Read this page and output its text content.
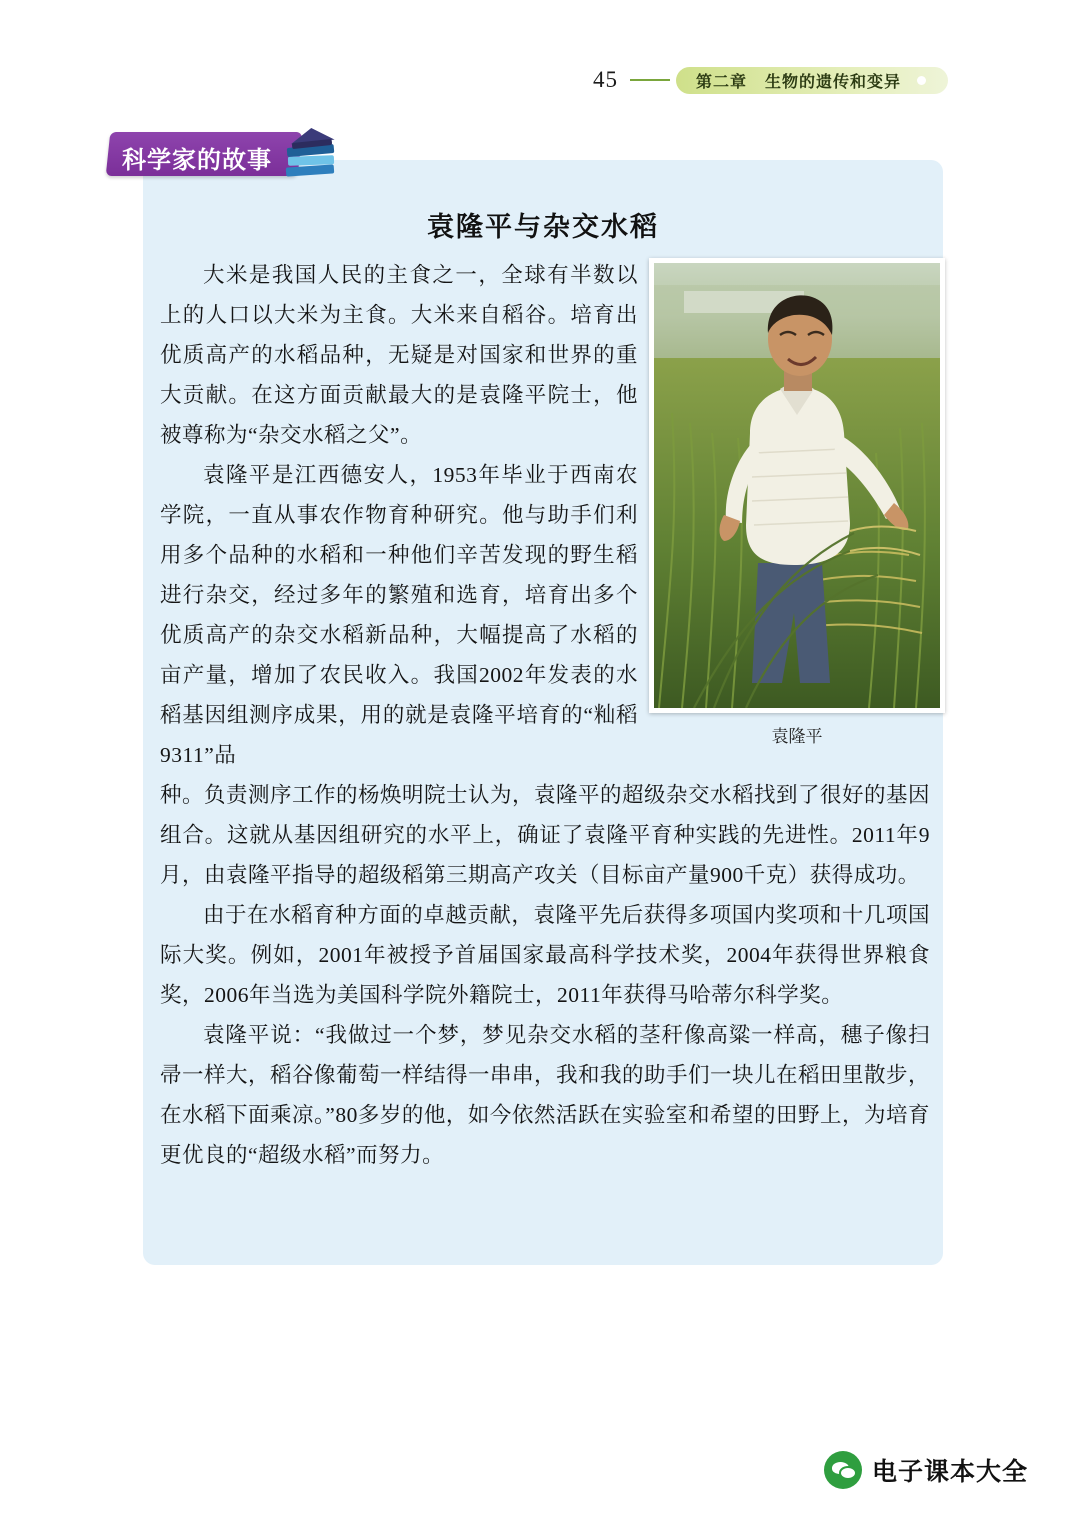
45	第二章 生物的遗传和变异
科学家的故事
袁隆平与杂交水稻
袁隆平

大米是我国人民的主食之一，全球有半数以上的人口以大米为主食。大米来自稻谷。培育出优质高产的水稻品种，无疑是对国家和世界的重大贡献。在这方面贡献最大的是袁隆平院士，他被尊称为“杂交水稻之父”。

袁隆平是江西德安人，1953年毕业于西南农学院，一直从事农作物育种研究。他与助手们利用多个品种的水稻和一种他们辛苦发现的野生稻进行杂交，经过多年的繁殖和选育，培育出多个优质高产的杂交水稻新品种，大幅提高了水稻的亩产量，增加了农民收入。我国2002年发表的水稻基因组测序成果，用的就是袁隆平培育的“籼稻9311”品

种。负责测序工作的杨焕明院士认为，袁隆平的超级杂交水稻找到了很好的基因组合。这就从基因组研究的水平上，确证了袁隆平育种实践的先进性。2011年9月，由袁隆平指导的超级稻第三期高产攻关（目标亩产量900千克）获得成功。

由于在水稻育种方面的卓越贡献，袁隆平先后获得多项国内奖项和十几项国际大奖。例如，2001年被授予首届国家最高科学技术奖，2004年获得世界粮食奖，2006年当选为美国科学院外籍院士，2011年获得马哈蒂尔科学奖。

袁隆平说：“我做过一个梦，梦见杂交水稻的茎秆像高粱一样高，穗子像扫帚一样大，稻谷像葡萄一样结得一串串，我和我的助手们一块儿在稻田里散步，在水稻下面乘凉。”80多岁的他，如今依然活跃在实验室和希望的田野上，为培育更优良的“超级水稻”而努力。

电子课本大全
